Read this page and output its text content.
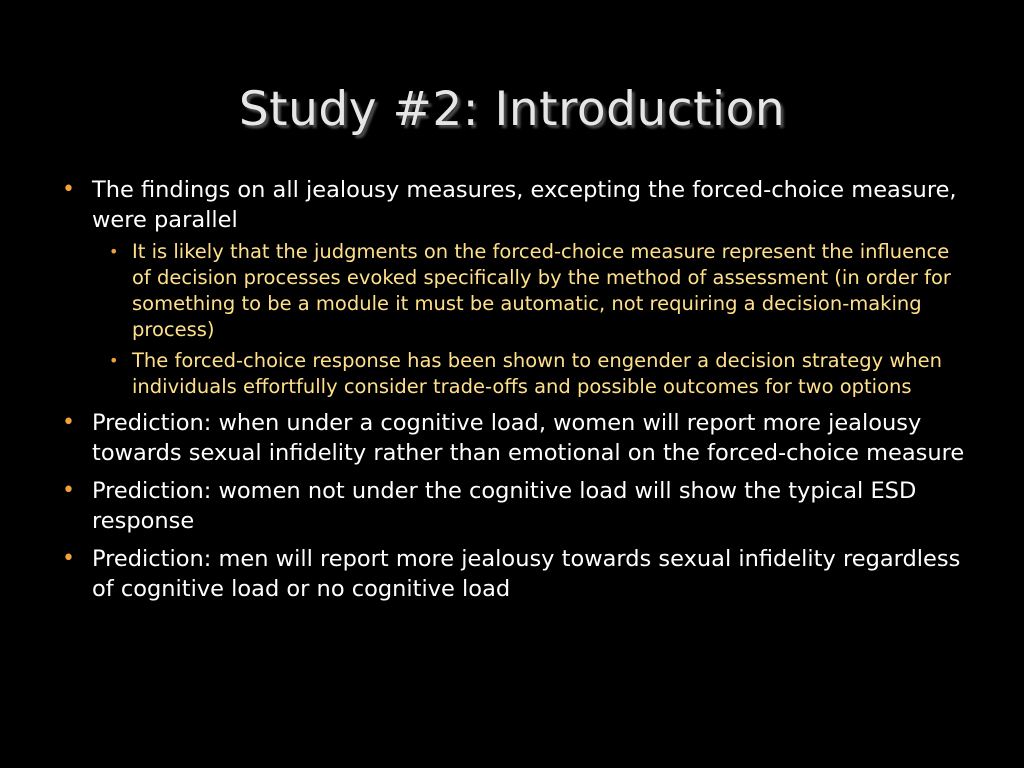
Study #2: Introduction
• The findings on all jealousy measures, excepting the forced-choice measure, were parallel
• It is likely that the judgments on the forced-choice measure represent the influence of decision processes evoked specifically by the method of assessment (in order for something to be a module it must be automatic, not requiring a decision-making process)
• The forced-choice response has been shown to engender a decision strategy when individuals effortfully consider trade-offs and possible outcomes for two options
• Prediction: when under a cognitive load, women will report more jealousy towards sexual infidelity rather than emotional on the forced-choice measure
• Prediction: women not under the cognitive load will show the typical ESD response
• Prediction: men will report more jealousy towards sexual infidelity regardless of cognitive load or no cognitive load
